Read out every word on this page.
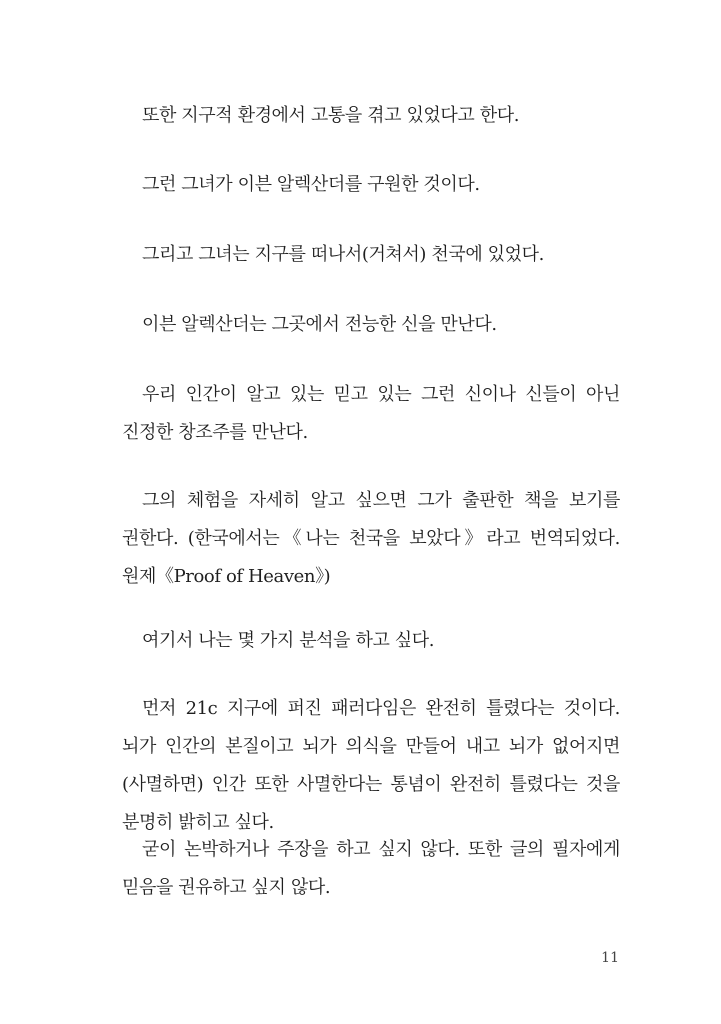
또한 지구적 환경에서 고통을 겪고 있었다고 한다.

그런 그녀가 이븐 알렉산더를 구원한 것이다.

그리고 그녀는 지구를 떠나서(거쳐서) 천국에 있었다.

이븐 알렉산더는 그곳에서 전능한 신을 만난다.

우리 인간이 알고 있는 믿고 있는 그런 신이나 신들이 아닌 진정한 창조주를 만난다.

그의 체험을 자세히 알고 싶으면 그가 출판한 책을 보기를 권한다. (한국에서는《나는 천국을 보았다》라고 번역되었다. 원제《Proof of Heaven》)

여기서 나는 몇 가지 분석을 하고 싶다.

먼저 21c 지구에 퍼진 패러다임은 완전히 틀렸다는 것이다. 뇌가 인간의 본질이고 뇌가 의식을 만들어 내고 뇌가 없어지면(사멸하면) 인간 또한 사멸한다는 통념이 완전히 틀렸다는 것을 분명히 밝히고 싶다.

굳이 논박하거나 주장을 하고 싶지 않다. 또한 글의 필자에게 믿음을 권유하고 싶지 않다.

11
